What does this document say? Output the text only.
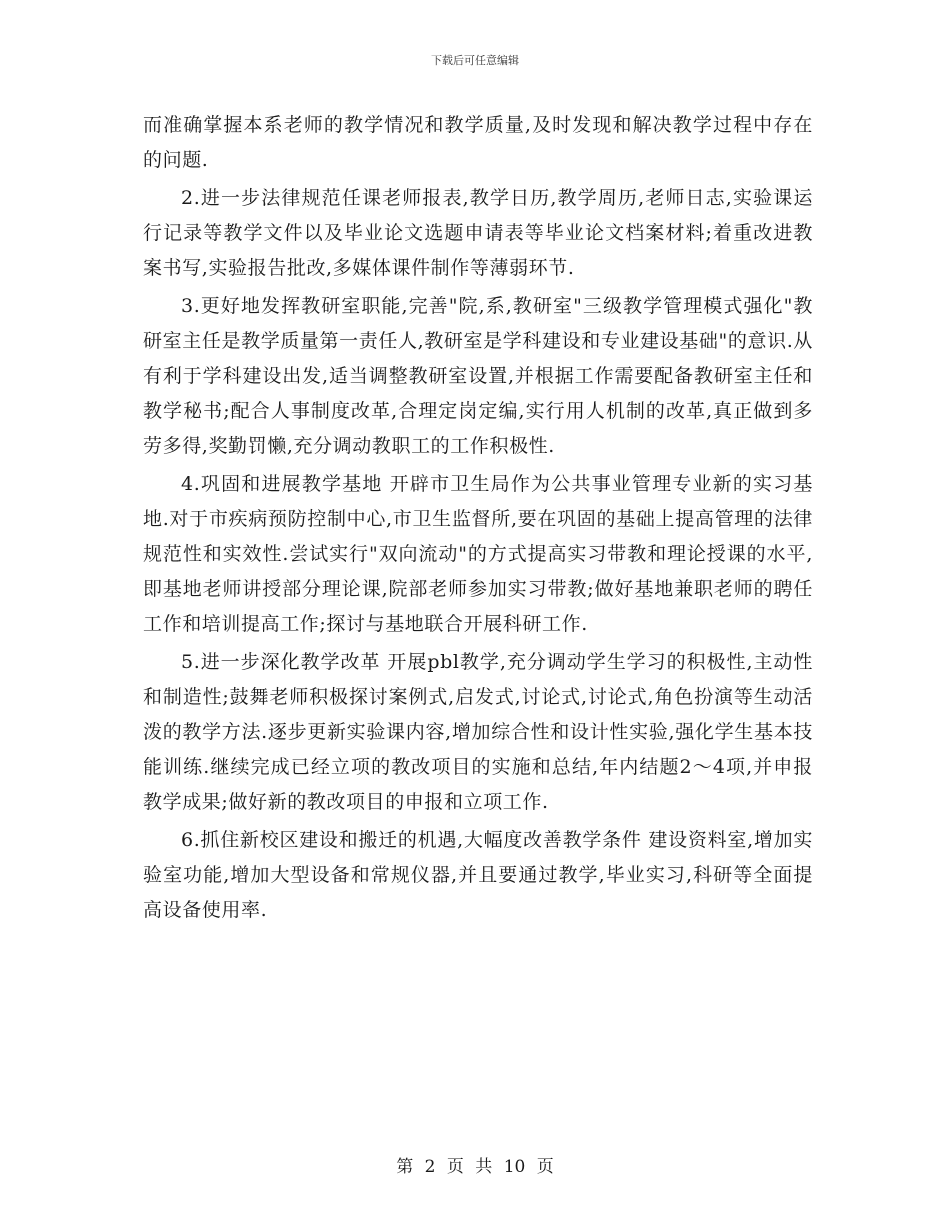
下载后可任意编辑

而准确掌握本系老师的教学情况和教学质量,及时发现和解决教学过程中存在的问题.

2.进一步法律规范任课老师报表,教学日历,教学周历,老师日志,实验课运行记录等教学文件以及毕业论文选题申请表等毕业论文档案材料;着重改进教案书写,实验报告批改,多媒体课件制作等薄弱环节.

3.更好地发挥教研室职能,完善"院,系,教研室"三级教学管理模式强化"教研室主任是教学质量第一责任人,教研室是学科建设和专业建设基础"的意识.从有利于学科建设出发,适当调整教研室设置,并根据工作需要配备教研室主任和教学秘书;配合人事制度改革,合理定岗定编,实行用人机制的改革,真正做到多劳多得,奖勤罚懒,充分调动教职工的工作积极性.

4.巩固和进展教学基地 开辟市卫生局作为公共事业管理专业新的实习基地.对于市疾病预防控制中心,市卫生监督所,要在巩固的基础上提高管理的法律规范性和实效性.尝试实行"双向流动"的方式提高实习带教和理论授课的水平,即基地老师讲授部分理论课,院部老师参加实习带教;做好基地兼职老师的聘任工作和培训提高工作;探讨与基地联合开展科研工作.

5.进一步深化教学改革 开展pbl教学,充分调动学生学习的积极性,主动性和制造性;鼓舞老师积极探讨案例式,启发式,讨论式,讨论式,角色扮演等生动活泼的教学方法.逐步更新实验课内容,增加综合性和设计性实验,强化学生基本技能训练.继续完成已经立项的教改项目的实施和总结,年内结题2～4项,并申报教学成果;做好新的教改项目的申报和立项工作.

6.抓住新校区建设和搬迁的机遇,大幅度改善教学条件 建设资料室,增加实验室功能,增加大型设备和常规仪器,并且要通过教学,毕业实习,科研等全面提高设备使用率.

第 2 页 共 10 页
